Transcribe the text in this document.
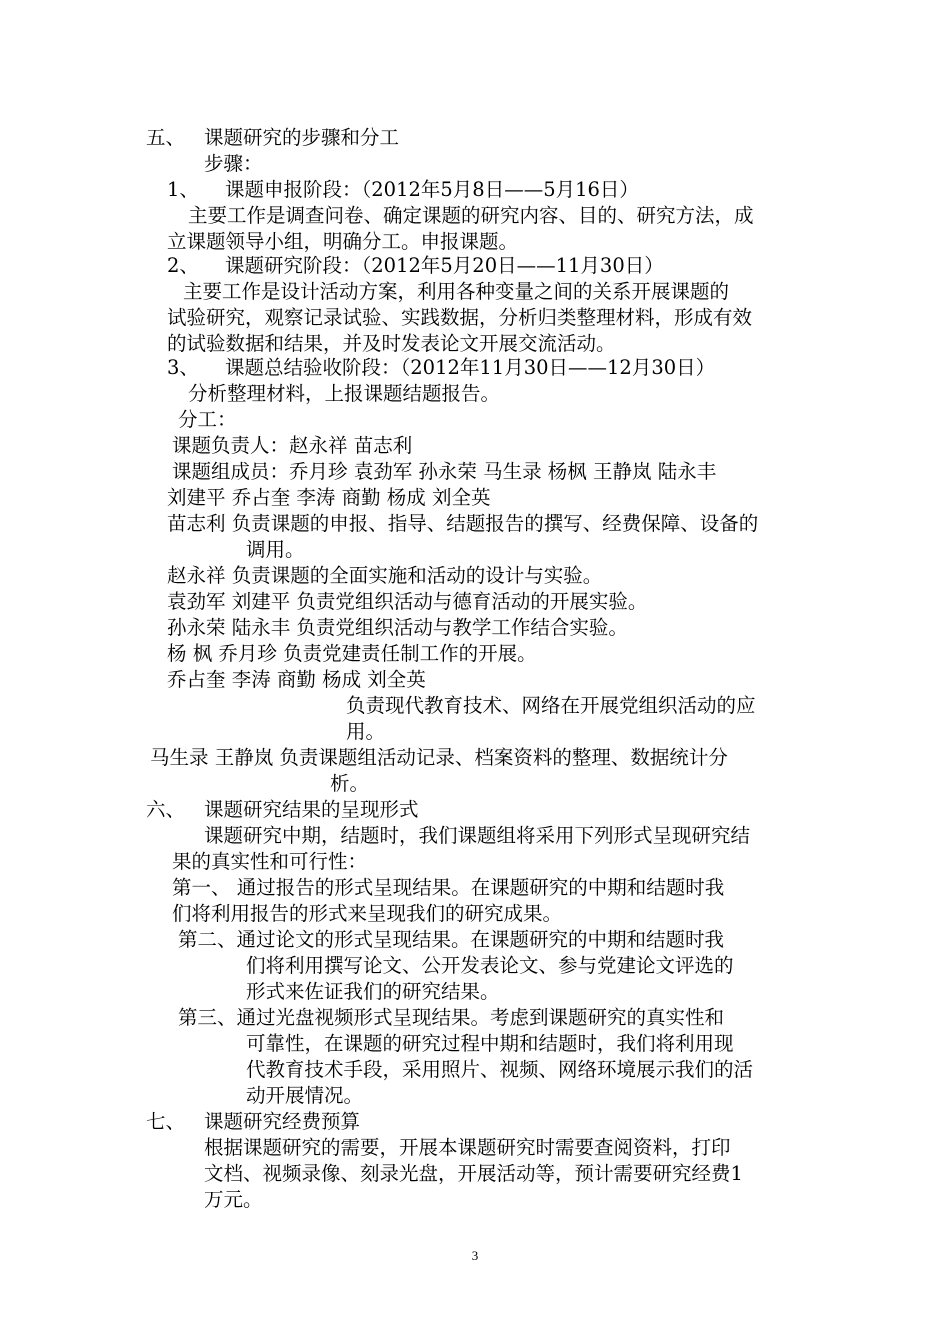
五、 课题研究的步骤和分工
步骤：
1、 课题申报阶段：（2012年5月8日——5月16日）
主要工作是调查问卷、确定课题的研究内容、目的、研究方法，成
立课题领导小组，明确分工。申报课题。
2、 课题研究阶段：（2012年5月20日——11月30日）
主要工作是设计活动方案，利用各种变量之间的关系开展课题的
试验研究，观察记录试验、实践数据，分析归类整理材料，形成有效
的试验数据和结果，并及时发表论文开展交流活动。
3、 课题总结验收阶段：（2012年11月30日——12月30日）
分析整理材料，上报课题结题报告。
分工：
课题负责人：赵永祥 苗志利
课题组成员：乔月珍 袁劲军 孙永荣 马生录 杨枫 王静岚 陆永丰
刘建平 乔占奎 李涛 商勤 杨成 刘全英
苗志利 负责课题的申报、指导、结题报告的撰写、经费保障、设备的
调用。
赵永祥 负责课题的全面实施和活动的设计与实验。
袁劲军 刘建平 负责党组织活动与德育活动的开展实验。
孙永荣 陆永丰 负责党组织活动与教学工作结合实验。
杨 枫 乔月珍 负责党建责任制工作的开展。
乔占奎 李涛 商勤 杨成 刘全英
负责现代教育技术、网络在开展党组织活动的应
用。
马生录 王静岚 负责课题组活动记录、档案资料的整理、数据统计分
析。
六、 课题研究结果的呈现形式
课题研究中期，结题时，我们课题组将采用下列形式呈现研究结
果的真实性和可行性：
第一、 通过报告的形式呈现结果。在课题研究的中期和结题时我
们将利用报告的形式来呈现我们的研究成果。
第二、通过论文的形式呈现结果。在课题研究的中期和结题时我
们将利用撰写论文、公开发表论文、参与党建论文评选的
形式来佐证我们的研究结果。
第三、通过光盘视频形式呈现结果。考虑到课题研究的真实性和
可靠性，在课题的研究过程中期和结题时，我们将利用现
代教育技术手段，采用照片、视频、网络环境展示我们的活
动开展情况。
七、 课题研究经费预算
根据课题研究的需要，开展本课题研究时需要查阅资料，打印
文档、视频录像、刻录光盘，开展活动等，预计需要研究经费1
万元。
3
